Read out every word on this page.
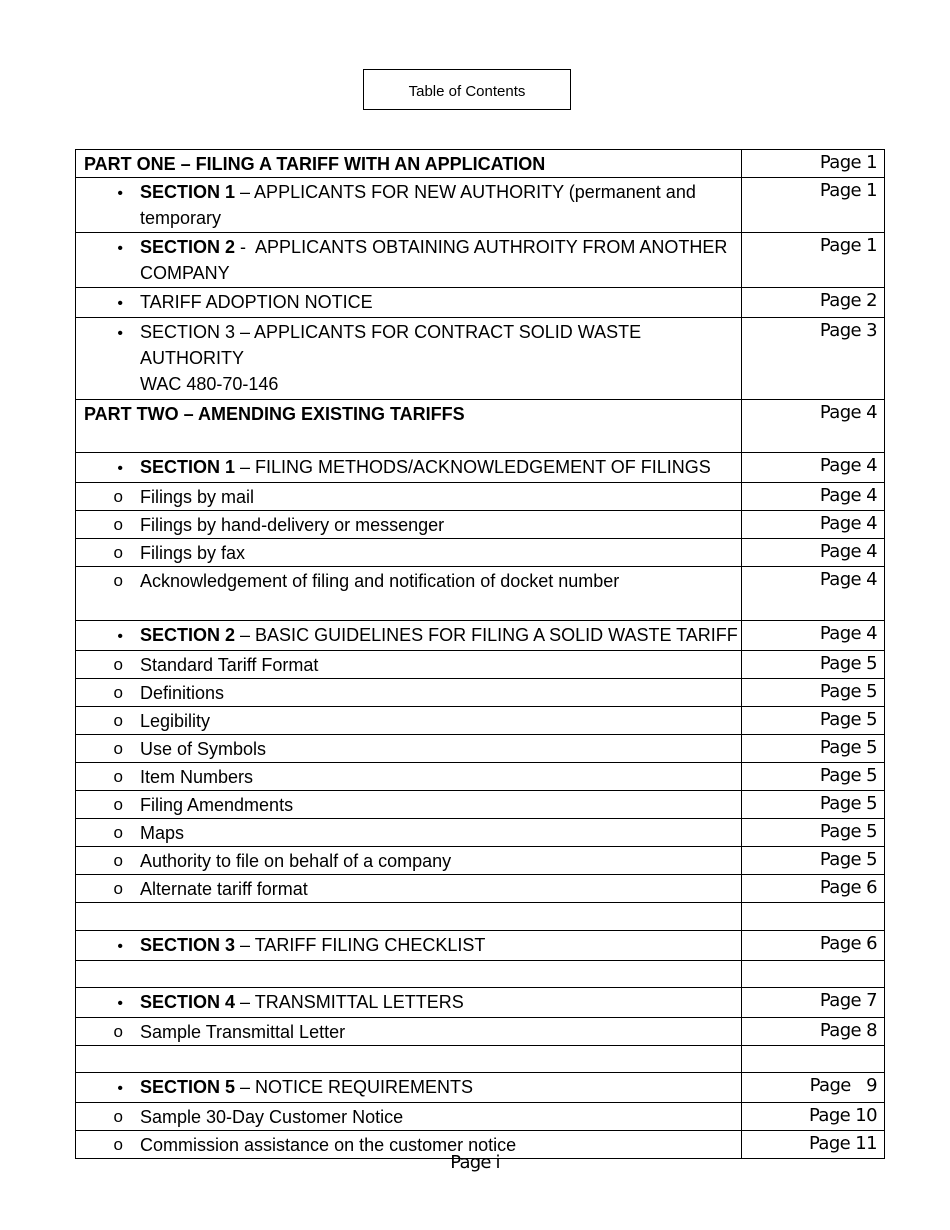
Table of Contents
PART ONE – FILING A TARIFF WITH AN APPLICATION	Page 1

•
SECTION 1 – APPLICANTS FOR NEW AUTHORITY (permanent and temporary	Page 1

•
SECTION 2 -  APPLICANTS OBTAINING AUTHROITY FROM ANOTHER COMPANY	Page 1

•
TARIFF ADOPTION NOTICE	Page 2

•
SECTION 3 – APPLICANTS FOR CONTRACT SOLID WASTE AUTHORITY
WAC 480-70-146	Page 3

PART TWO – AMENDING EXISTING TARIFFS	Page 4

•
SECTION 1 – FILING METHODS/ACKNOWLEDGEMENT OF FILINGS	Page 4

o Filings by mail	Page 4

o Filings by hand-delivery or messenger	Page 4

o Filings by fax	Page 4

o Acknowledgement of filing and notification of docket number	Page 4

•
SECTION 2 – BASIC GUIDELINES FOR FILING A SOLID WASTE TARIFF	Page 4

o Standard Tariff Format	Page 5

o Definitions	Page 5

o Legibility	Page 5

o Use of Symbols	Page 5

o Item Numbers	Page 5

o Filing Amendments	Page 5

o Maps	Page 5

o Authority to file on behalf of a company	Page 5

o Alternate tariff format	Page 6

•
SECTION 3 – TARIFF FILING CHECKLIST	Page 6

•
SECTION 4 – TRANSMITTAL LETTERS	Page 7

o Sample Transmittal Letter	Page 8

•
SECTION 5 – NOTICE REQUIREMENTS	Page   9

o Sample 30-Day Customer Notice	Page 10

o Commission assistance on the customer notice	Page 11
Page i
